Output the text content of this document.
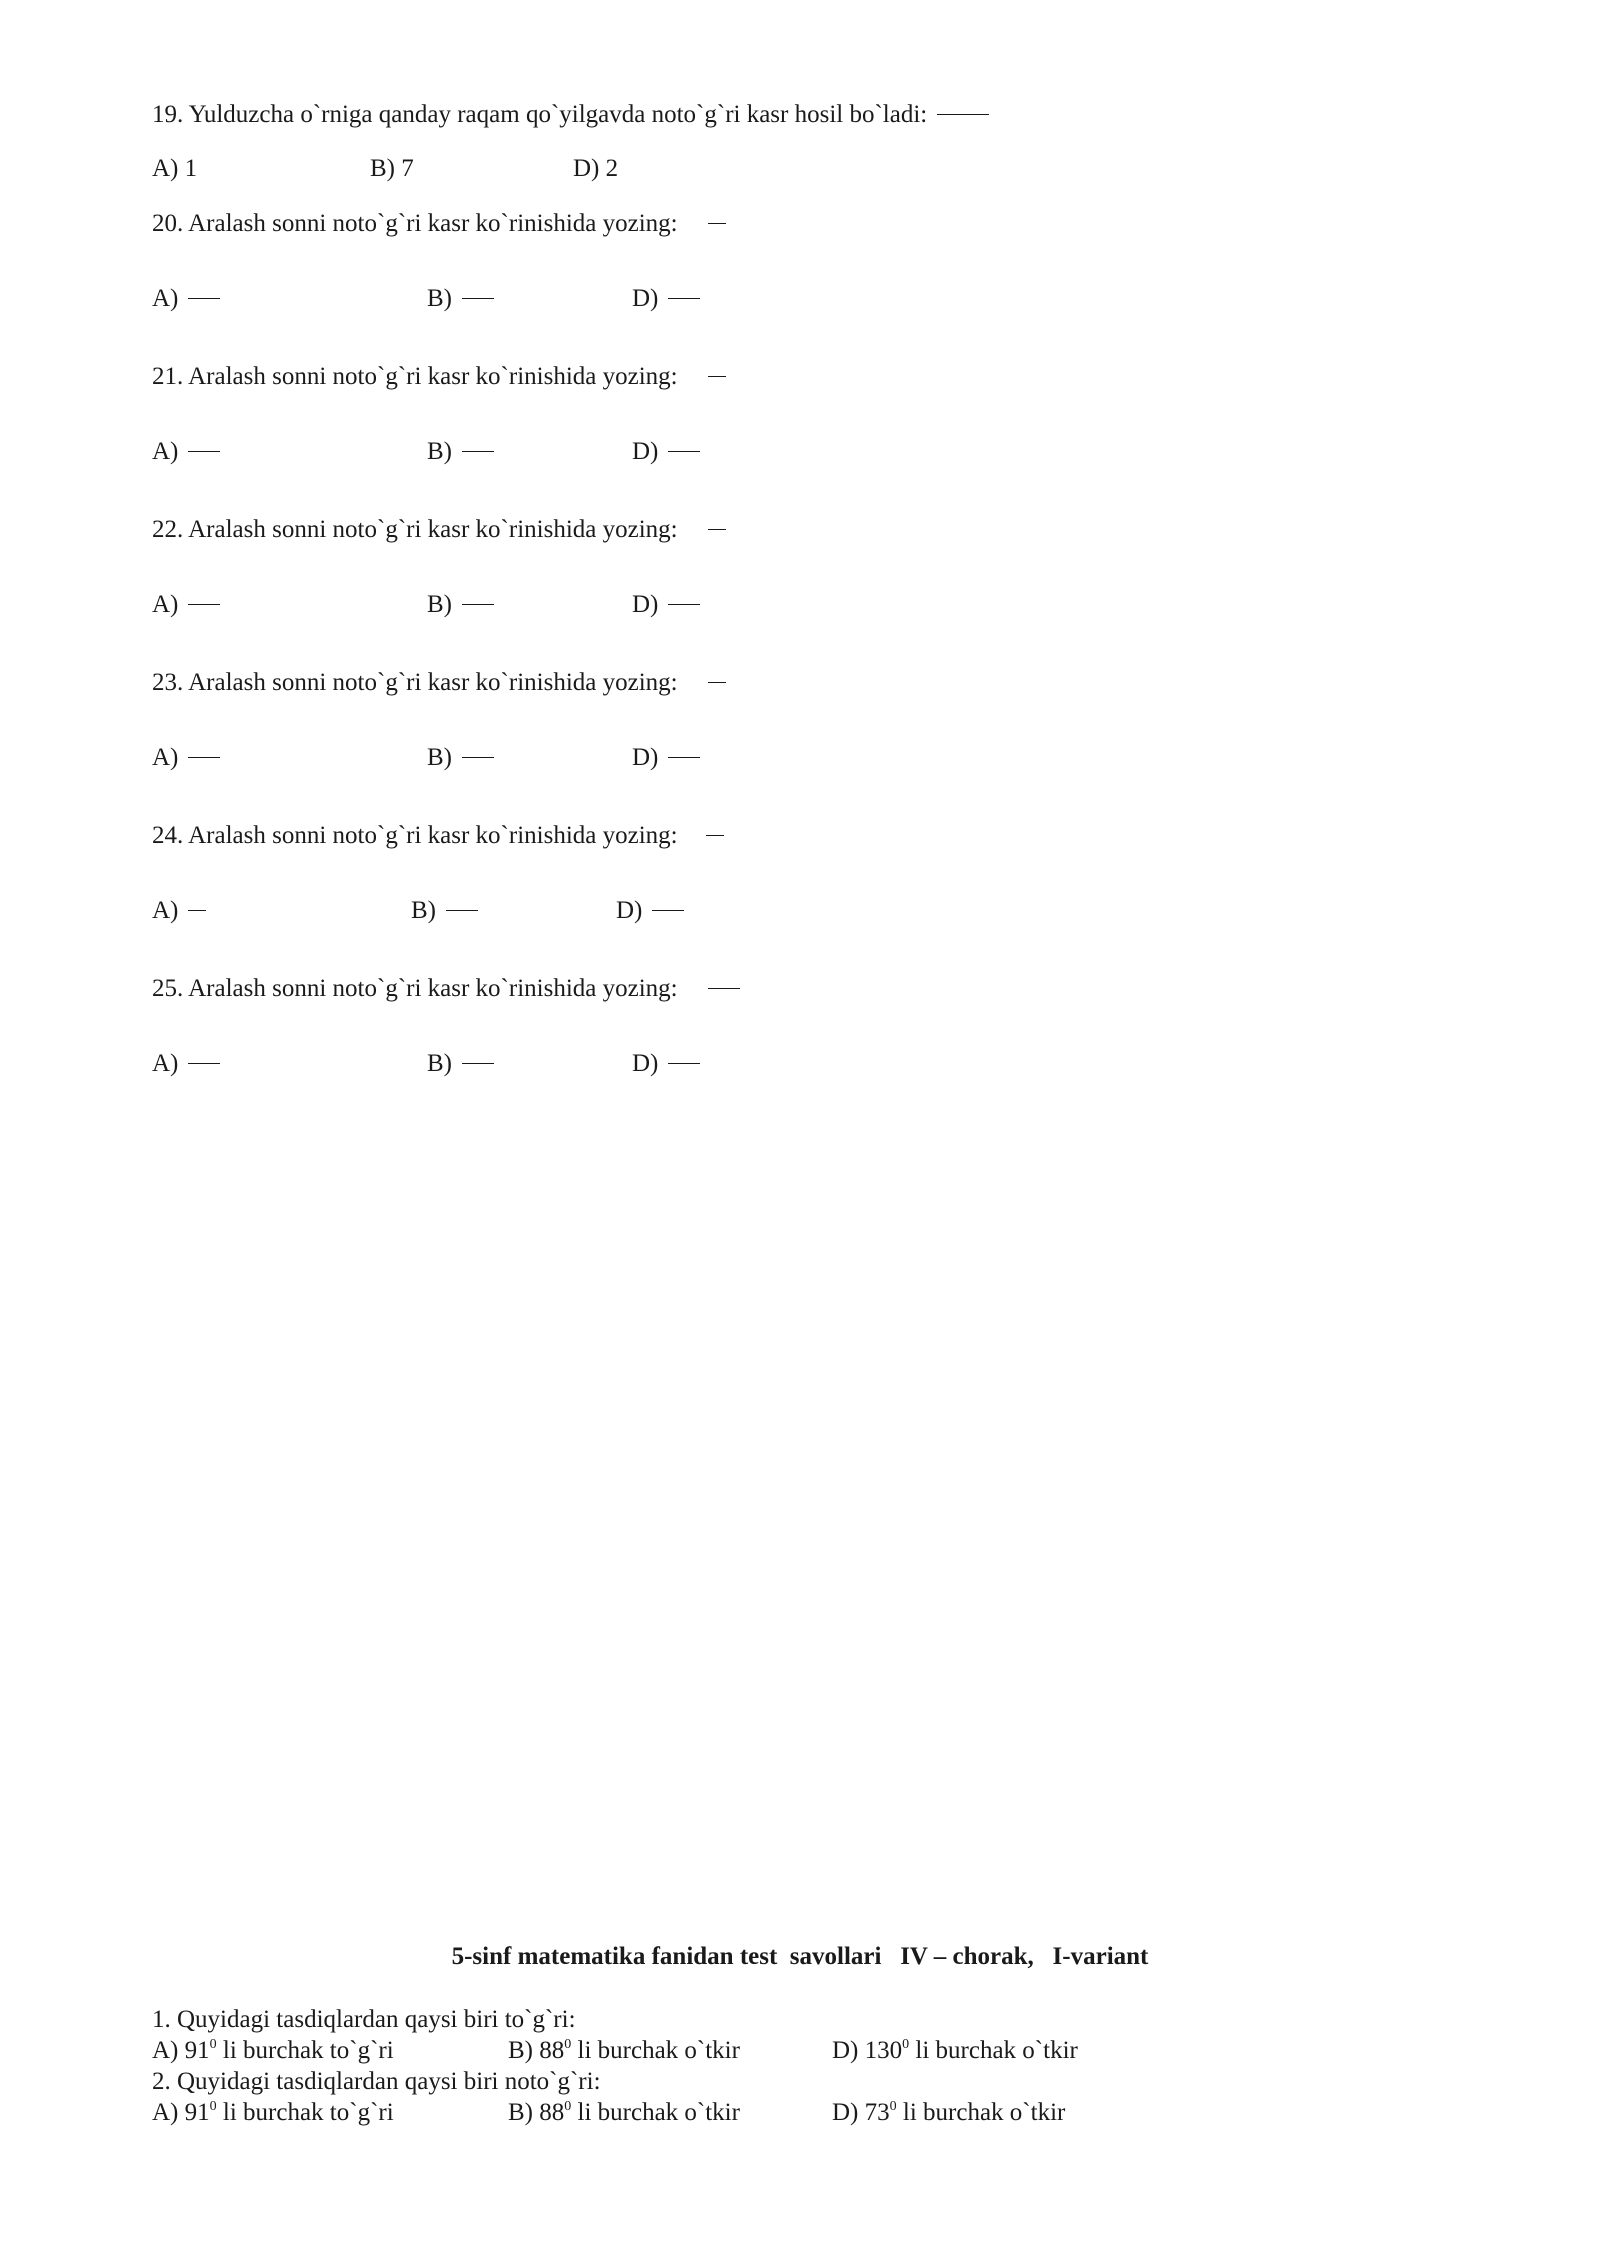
19. Yulduzcha o`rniga qanday raqam qo`yilgavda noto`g`ri kasr hosil bo`ladi:
A) 1	B) 7	D) 2
20. Aralash sonni noto`g`ri kasr ko`rinishida yozing:
A)	B)	D)
21. Aralash sonni noto`g`ri kasr ko`rinishida yozing:
A)	B)	D)
22. Aralash sonni noto`g`ri kasr ko`rinishida yozing:
A)	B)	D)
23. Aralash sonni noto`g`ri kasr ko`rinishida yozing:
A)	B)	D)
24. Aralash sonni noto`g`ri kasr ko`rinishida yozing:
A)	B)	D)
25. Aralash sonni noto`g`ri kasr ko`rinishida yozing:
A)	B)	D)
5-sinf matematika fanidan test  savollari   IV – chorak,   I-variant
1. Quyidagi tasdiqlardan qaysi biri to`g`ri:
A) $91^0$ li burchak to`g`ri	B) $88^0$ li burchak o`tkir	D) $130^0$ li burchak o`tkir
2. Quyidagi tasdiqlardan qaysi biri noto`g`ri:
A) $91^0$ li burchak to`g`ri	B) $88^0$ li burchak o`tkir	D) $73^0$ li burchak o`tkir
